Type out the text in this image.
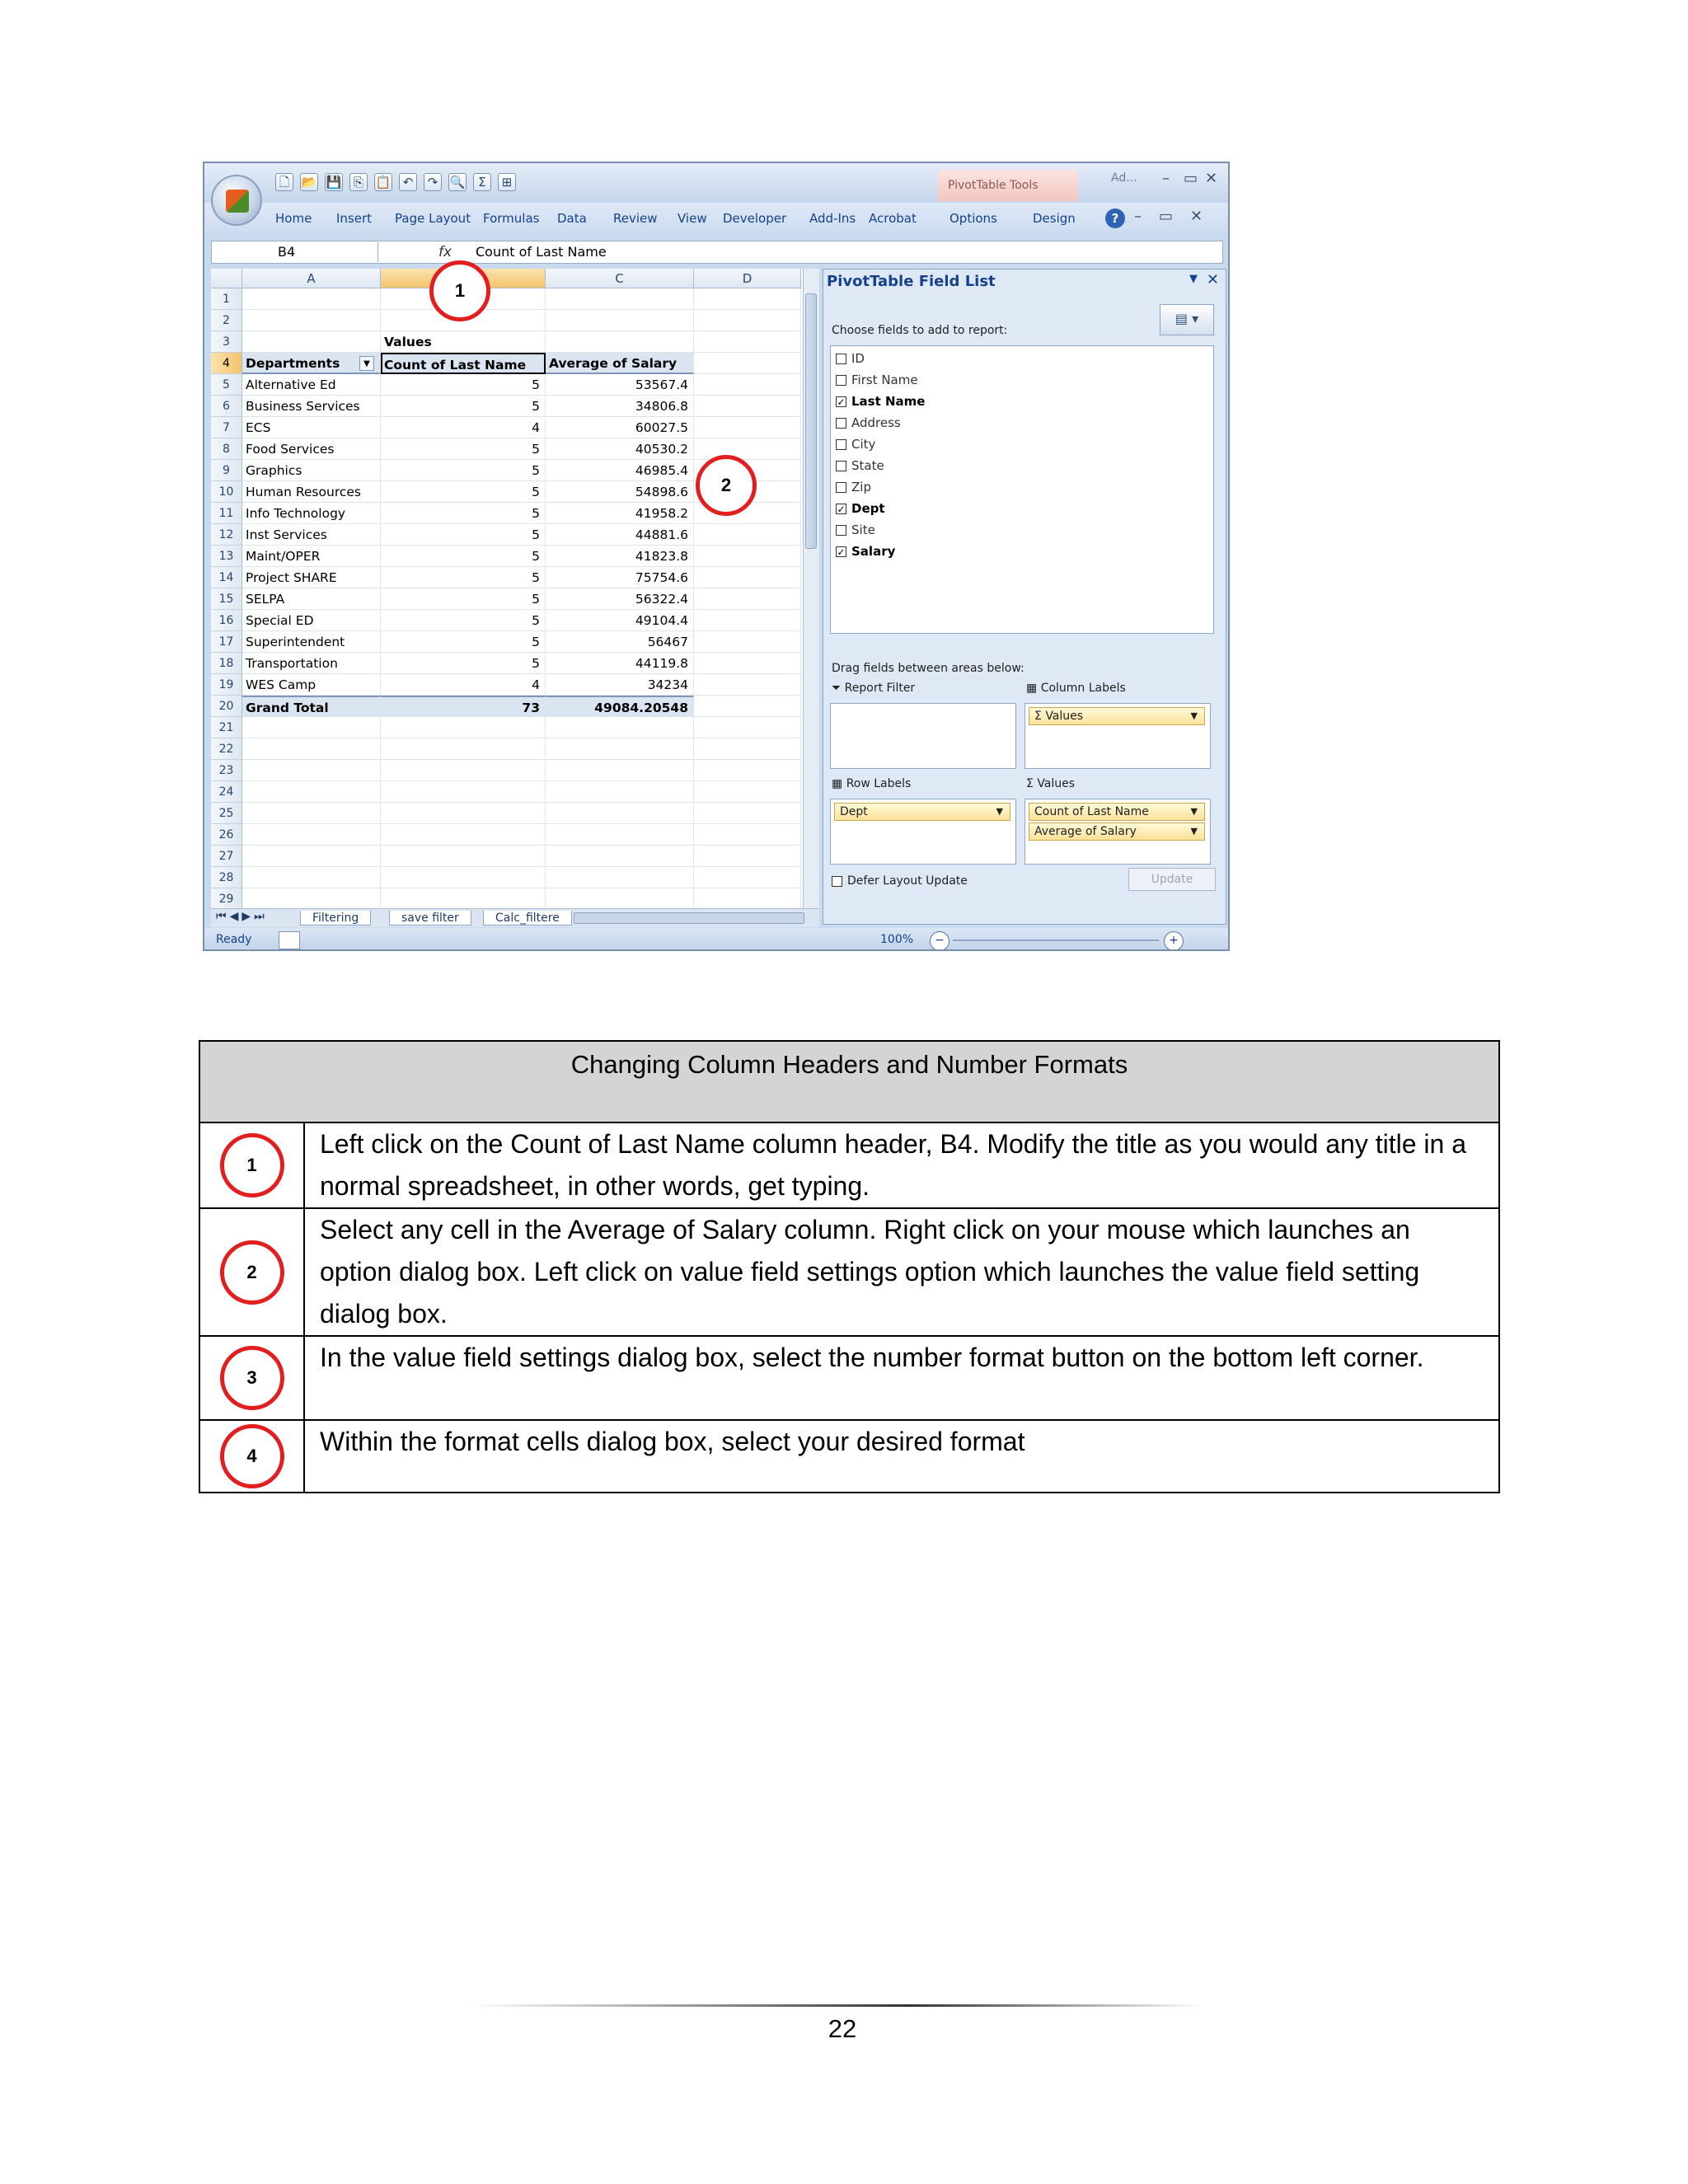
PivotTable Tools
Ad... – ▭ ✕
?	– ▭ ✕
B4	fx Count of Last Name
A	C	D
1
2
3	Values
4	Departments	▼	Count of Last Name	Average of Salary
5	Alternative Ed	5	53567.4
6	Business Services	5	34806.8
7	ECS	4	60027.5
8	Food Services	5	40530.2
9	Graphics	5	46985.4
10 Human Resources	5	54898.6
11 Info Technology	5	41958.2
12 Inst Services	5	44881.6
13 Maint/OPER	5	41823.8
14 Project SHARE	5	75754.6
15 SELPA	5	56322.4
16 Special ED	5	49104.4
17 Superintendent	5	56467
18 Transportation	5	44119.8
19 WES Camp	4	34234
20 Grand Total	73	49084.20548
21
22
23
24
25
26
27
28
29
⏮◀▶⏭	Filtering	save filter	Calc_filtere
Ready	100%	−	+
PivotTable Field List	▼ ✕
▤ ▾
Choose fields to add to report:
ID
First Name
✓ Last Name
Address
City
State
Zip
✓ Dept
Site
✓ Salary
Drag fields between areas below:
⏷ Report Filter	▦ Column Labels
Σ Values	▼
▦ Row Labels
Dept	▼
Σ Values
Count of Last Name	▼
Average of Salary	▼
Defer Layout Update	Update
1
2
🗋 📂 💾 ⎘ 📋 ↶	↷ 🔍	Σ	⊞
Home Insert Page Layout Formulas Data Review View Developer Add-Ins Acrobat	Options	Design
Changing Column Headers and Number Formats	
1	Left click on the Count of Last Name column header, B4. Modify the title as you would any title in a normal spreadsheet, in other words, get typing.
2	Select any cell in the Average of Salary column. Right click on your mouse which launches an option dialog box. Left click on value field settings option which launches the value field setting dialog box.
3	In the value field settings dialog box, select the number format button on the bottom left corner.
4	Within the format cells dialog box, select your desired format
22
